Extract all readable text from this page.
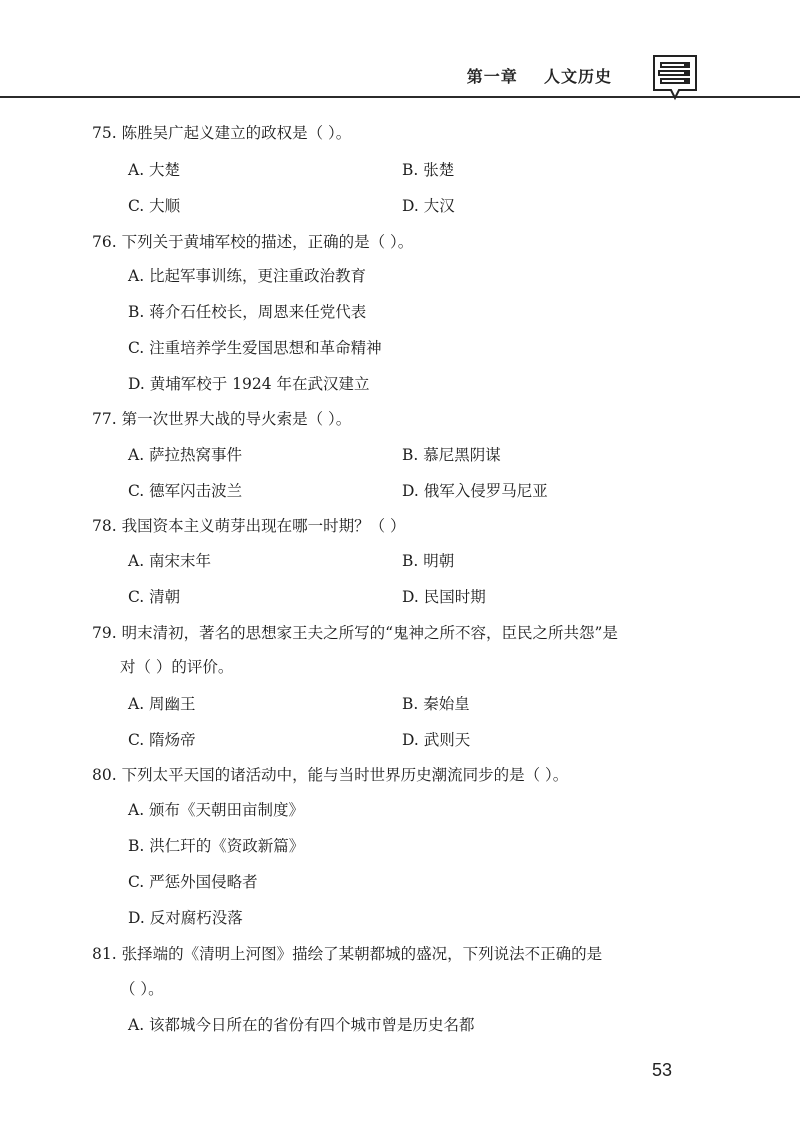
第一章    人文历史
75. 陈胜吴广起义建立的政权是（ ）。
A. 大楚	B. 张楚
C. 大顺	D. 大汉
76. 下列关于黄埔军校的描述，正确的是（ ）。
A. 比起军事训练，更注重政治教育
B. 蒋介石任校长，周恩来任党代表
C. 注重培养学生爱国思想和革命精神
D. 黄埔军校于 1924 年在武汉建立
77. 第一次世界大战的导火索是（ ）。
A. 萨拉热窝事件	B. 慕尼黑阴谋
C. 德军闪击波兰	D. 俄军入侵罗马尼亚
78. 我国资本主义萌芽出现在哪一时期？（ ）
A. 南宋末年	B. 明朝
C. 清朝	D. 民国时期
79. 明末清初，著名的思想家王夫之所写的“鬼神之所不容，臣民之所共怨”是
对（ ）的评价。
A. 周幽王	B. 秦始皇
C. 隋炀帝	D. 武则天
80. 下列太平天国的诸活动中，能与当时世界历史潮流同步的是（ ）。
A. 颁布《天朝田亩制度》
B. 洪仁玕的《资政新篇》
C. 严惩外国侵略者
D. 反对腐朽没落
81. 张择端的《清明上河图》描绘了某朝都城的盛况，下列说法不正确的是
（ ）。
A. 该都城今日所在的省份有四个城市曾是历史名都
53
